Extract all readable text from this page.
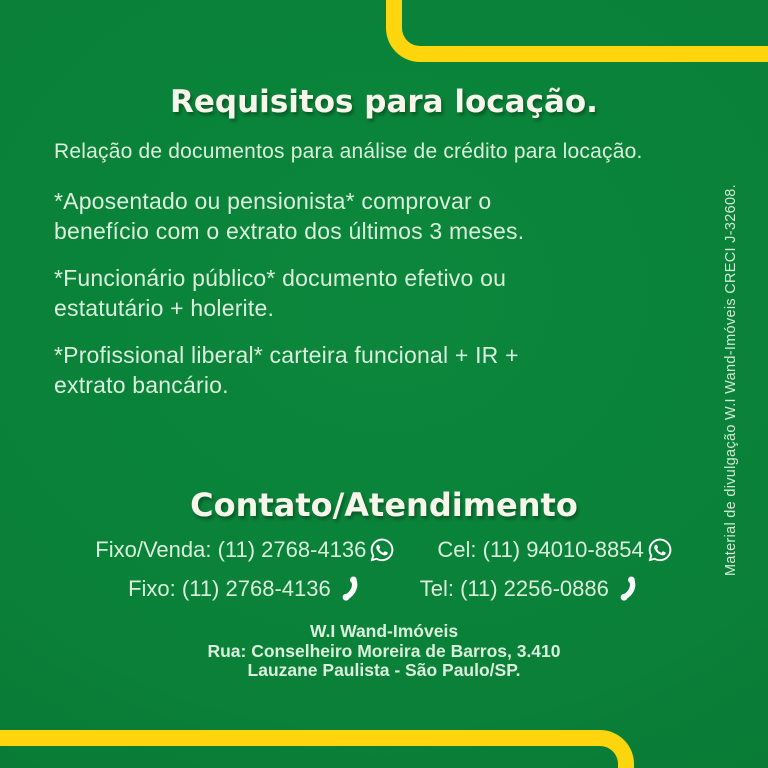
Requisitos para locação.
Relação de documentos para análise de crédito para locação.
*Aposentado ou pensionista* comprovar o
benefício com o extrato dos últimos 3 meses.
*Funcionário público* documento efetivo ou
estatutário + holerite.
*Profissional liberal* carteira funcional + IR +
extrato bancário.
Contato/Atendimento
Fixo/Venda: (11) 2768-4136	Cel: (11) 94010-8854
Fixo: (11) 2768-4136	Tel: (11) 2256-0886
W.I Wand-Imóveis
Rua: Conselheiro Moreira de Barros, 3.410
Lauzane Paulista - São Paulo/SP.
Material de divulgação W.I Wand-Imóveis CRECI J-32608.
